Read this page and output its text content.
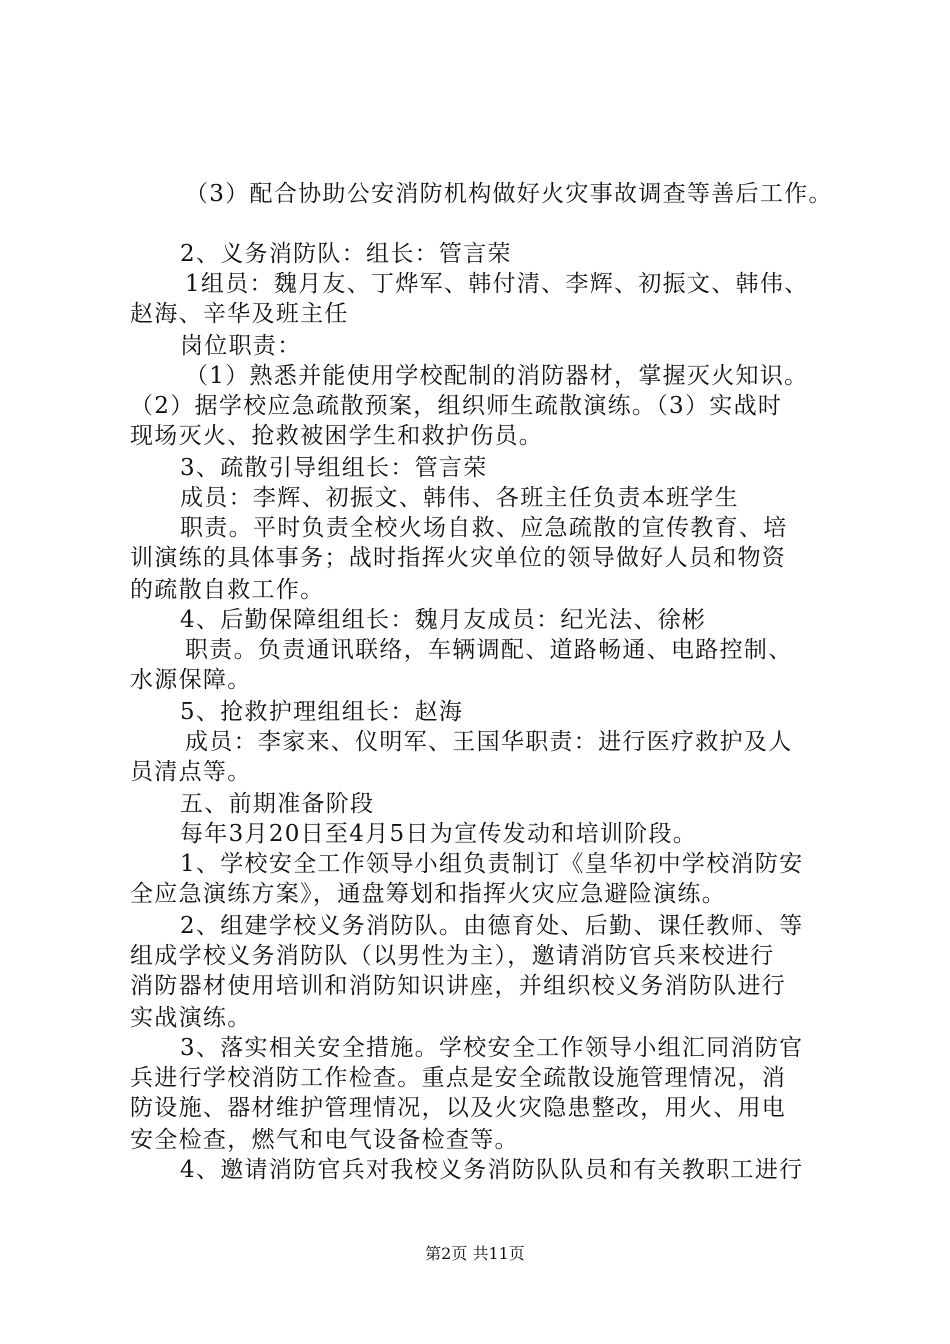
（3）配合协助公安消防机构做好火灾事故调查等善后工作。

2、义务消防队：组长：管言荣

1组员：魏月友、丁烨军、韩付清、李辉、初振文、韩伟、

赵海、辛华及班主任

岗位职责：

（1）熟悉并能使用学校配制的消防器材，掌握灭火知识。

（2）据学校应急疏散预案，组织师生疏散演练。（3）实战时

现场灭火、抢救被困学生和救护伤员。

3、疏散引导组组长：管言荣

成员：李辉、初振文、韩伟、各班主任负责本班学生

职责。平时负责全校火场自救、应急疏散的宣传教育、培

训演练的具体事务；战时指挥火灾单位的领导做好人员和物资

的疏散自救工作。

4、后勤保障组组长：魏月友成员：纪光法、徐彬

职责。负责通讯联络，车辆调配、道路畅通、电路控制、

水源保障。

5、抢救护理组组长：赵海

成员：李家来、仪明军、王国华职责：进行医疗救护及人

员清点等。

五、前期准备阶段

每年3月20日至4月5日为宣传发动和培训阶段。

1、学校安全工作领导小组负责制订《皇华初中学校消防安

全应急演练方案》，通盘筹划和指挥火灾应急避险演练。

2、组建学校义务消防队。由德育处、后勤、课任教师、等

组成学校义务消防队（以男性为主），邀请消防官兵来校进行

消防器材使用培训和消防知识讲座，并组织校义务消防队进行

实战演练。

3、落实相关安全措施。学校安全工作领导小组汇同消防官

兵进行学校消防工作检查。重点是安全疏散设施管理情况，消

防设施、器材维护管理情况，以及火灾隐患整改，用火、用电

安全检查，燃气和电气设备检查等。

4、邀请消防官兵对我校义务消防队队员和有关教职工进行

第2页 共11页
